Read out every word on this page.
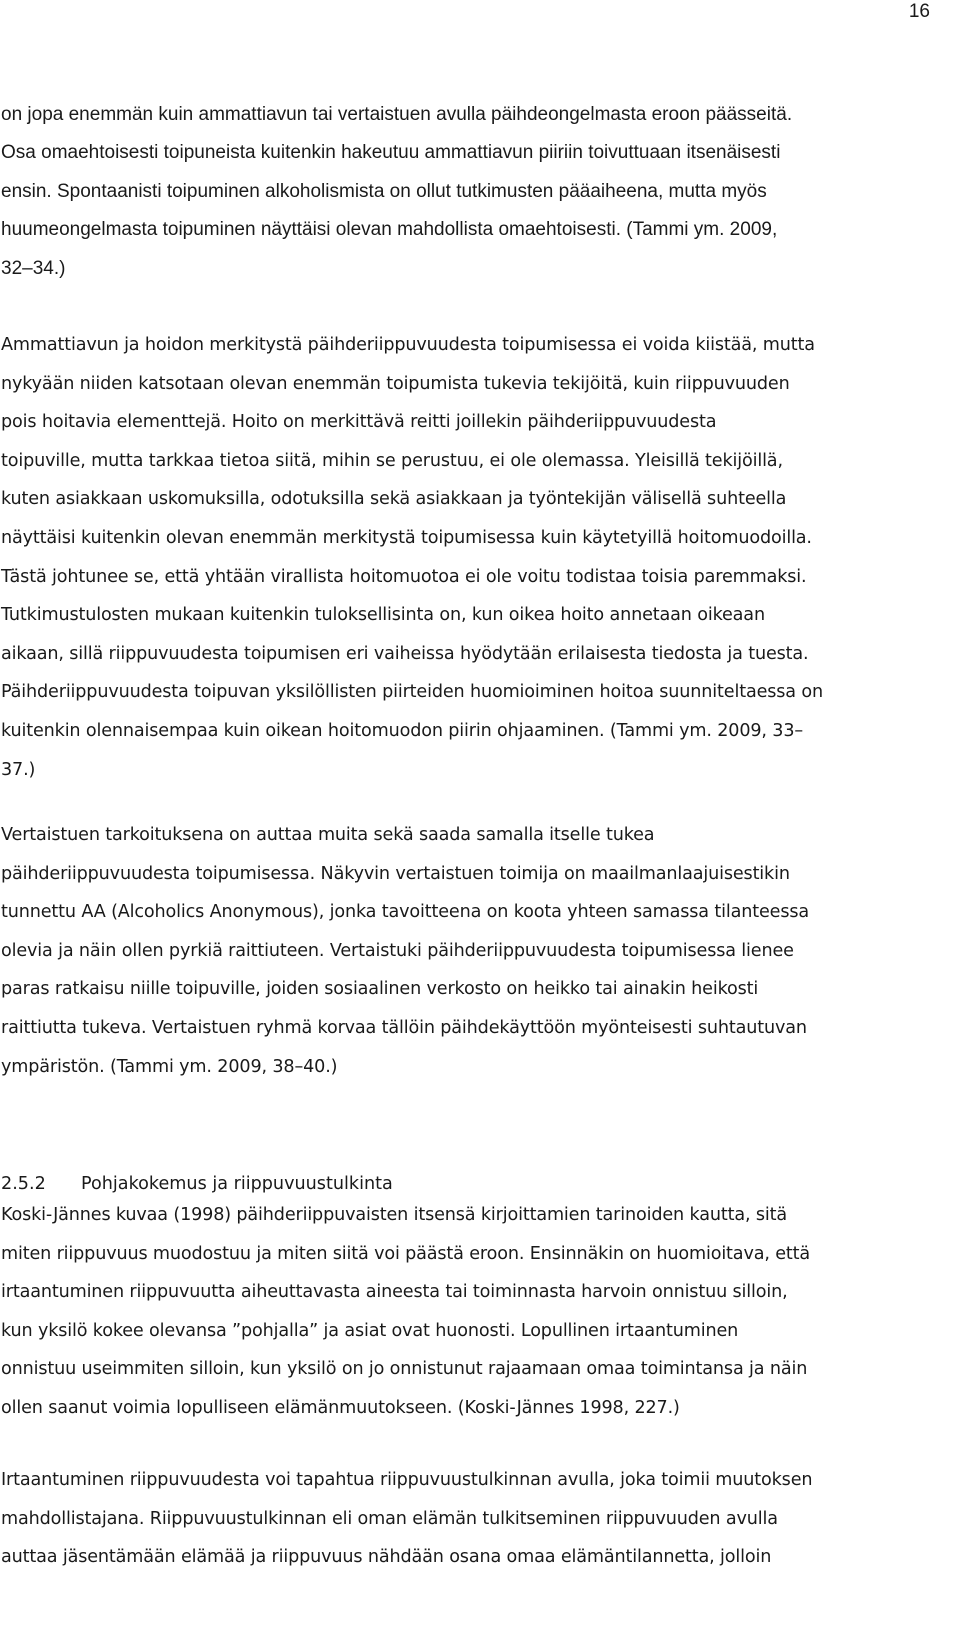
16

on jopa enemmän kuin ammattiavun tai vertaistuen avulla päihdeongelmasta eroon päässeitä.
Osa omaehtoisesti toipuneista kuitenkin hakeutuu ammattiavun piiriin toivuttuaan itsenäisesti
ensin. Spontaanisti toipuminen alkoholismista on ollut tutkimusten pääaiheena, mutta myös
huumeongelmasta toipuminen näyttäisi olevan mahdollista omaehtoisesti. (Tammi ym. 2009,
32–34.)

Ammattiavun ja hoidon merkitystä päihderiippuvuudesta toipumisessa ei voida kiistää, mutta
nykyään niiden katsotaan olevan enemmän toipumista tukevia tekijöitä, kuin riippuvuuden
pois hoitavia elementtejä. Hoito on merkittävä reitti joillekin päihderiippuvuudesta
toipuville, mutta tarkkaa tietoa siitä, mihin se perustuu, ei ole olemassa. Yleisillä tekijöillä,
kuten asiakkaan uskomuksilla, odotuksilla sekä asiakkaan ja työntekijän välisellä suhteella
näyttäisi kuitenkin olevan enemmän merkitystä toipumisessa kuin käytetyillä hoitomuodoilla.
Tästä johtunee se, että yhtään virallista hoitomuotoa ei ole voitu todistaa toisia paremmaksi.
Tutkimustulosten mukaan kuitenkin tuloksellisinta on, kun oikea hoito annetaan oikeaan
aikaan, sillä riippuvuudesta toipumisen eri vaiheissa hyödytään erilaisesta tiedosta ja tuesta.
Päihderiippuvuudesta toipuvan yksilöllisten piirteiden huomioiminen hoitoa suunniteltaessa on
kuitenkin olennaisempaa kuin oikean hoitomuodon piirin ohjaaminen. (Tammi ym. 2009, 33–
37.)

Vertaistuen tarkoituksena on auttaa muita sekä saada samalla itselle tukea
päihderiippuvuudesta toipumisessa. Näkyvin vertaistuen toimija on maailmanlaajuisestikin
tunnettu AA (Alcoholics Anonymous), jonka tavoitteena on koota yhteen samassa tilanteessa
olevia ja näin ollen pyrkiä raittiuteen. Vertaistuki päihderiippuvuudesta toipumisessa lienee
paras ratkaisu niille toipuville, joiden sosiaalinen verkosto on heikko tai ainakin heikosti
raittiutta tukeva. Vertaistuen ryhmä korvaa tällöin päihdekäyttöön myönteisesti suhtautuvan
ympäristön. (Tammi ym. 2009, 38–40.)

2.5.2 Pohjakokemus ja riippuvuustulkinta

Koski-Jännes kuvaa (1998) päihderiippuvaisten itsensä kirjoittamien tarinoiden kautta, sitä
miten riippuvuus muodostuu ja miten siitä voi päästä eroon. Ensinnäkin on huomioitava, että
irtaantuminen riippuvuutta aiheuttavasta aineesta tai toiminnasta harvoin onnistuu silloin,
kun yksilö kokee olevansa ”pohjalla” ja asiat ovat huonosti. Lopullinen irtaantuminen
onnistuu useimmiten silloin, kun yksilö on jo onnistunut rajaamaan omaa toimintansa ja näin
ollen saanut voimia lopulliseen elämänmuutokseen. (Koski-Jännes 1998, 227.)

Irtaantuminen riippuvuudesta voi tapahtua riippuvuustulkinnan avulla, joka toimii muutoksen
mahdollistajana. Riippuvuustulkinnan eli oman elämän tulkitseminen riippuvuuden avulla
auttaa jäsentämään elämää ja riippuvuus nähdään osana omaa elämäntilannetta, jolloin
